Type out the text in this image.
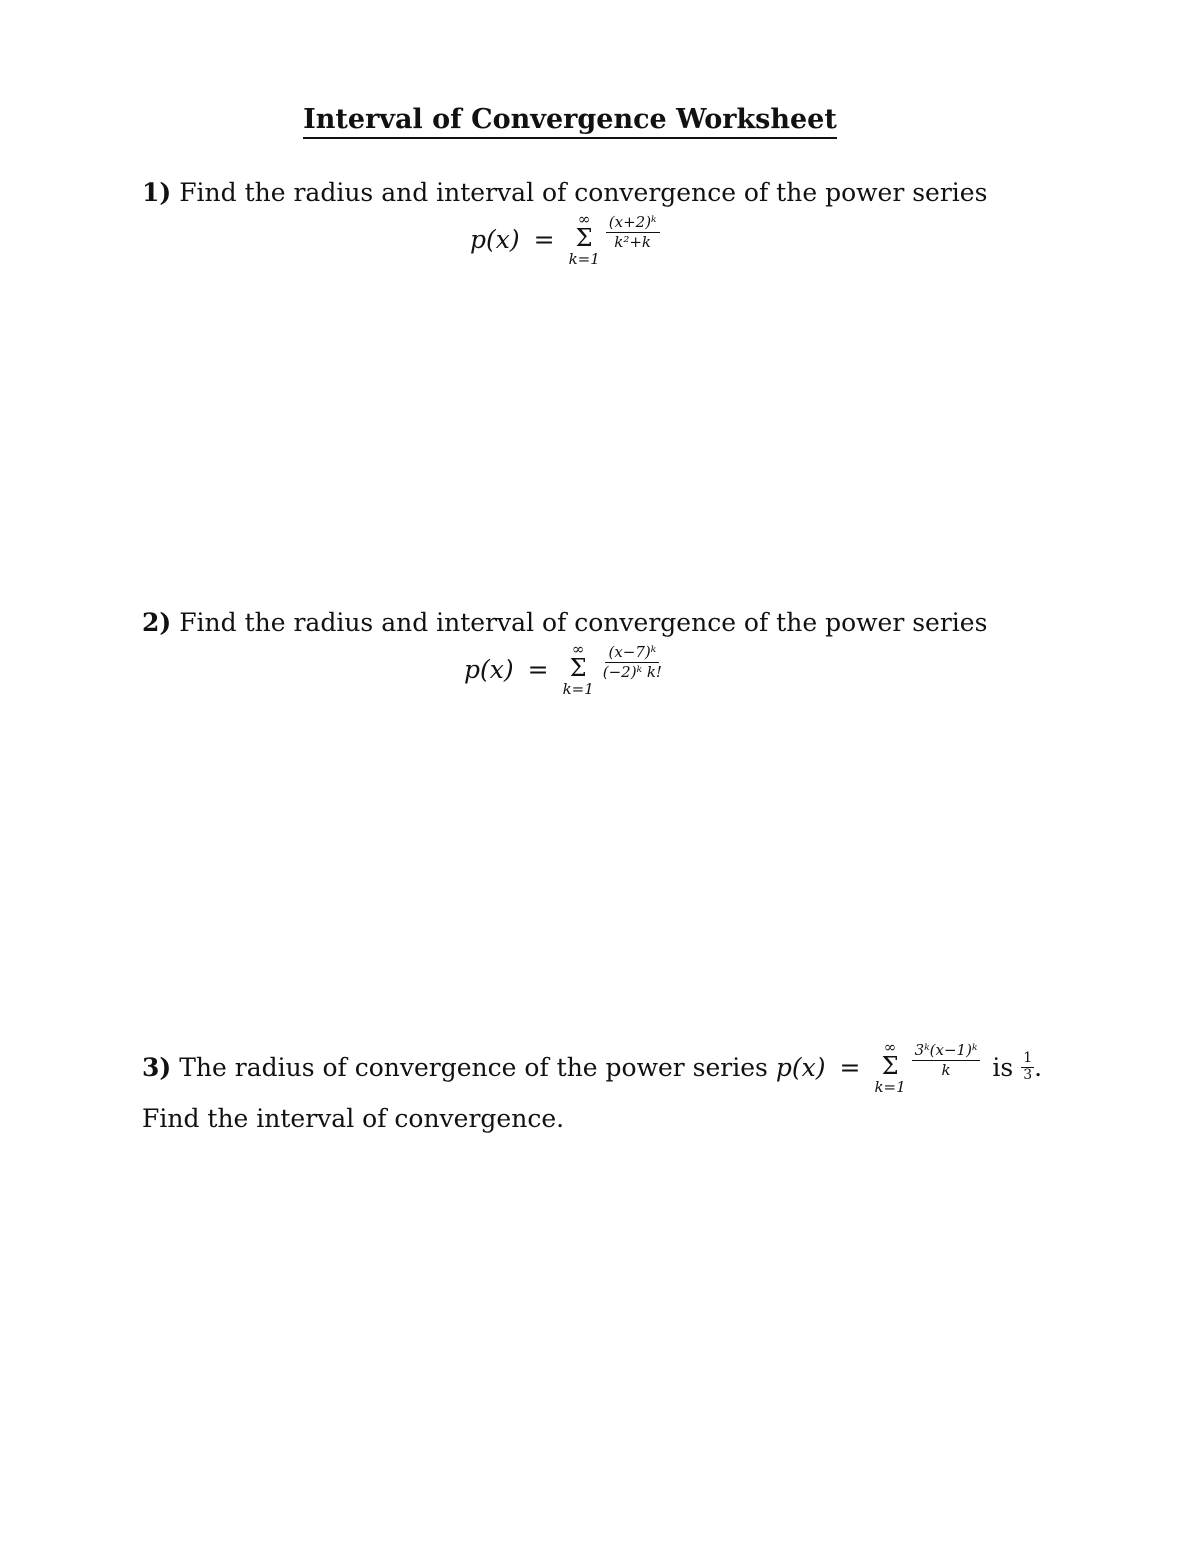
Interval of Convergence Worksheet
1) Find the radius and interval of convergence of the power series
p(x) =
∞
Σ
k=1
$\frac{\text{(x+2)ᵏ}}{\text{k²+k}}$
2) Find the radius and interval of convergence of the power series
p(x) =
∞
Σ
k=1
$\frac{\text{(x−7)ᵏ}}{\text{(−2)ᵏ k!}}$
3) The radius of convergence of the power series p(x) =
∞
Σ
k=1
$\frac{\text{3ᵏ(x−1)ᵏ}}{k}$ is $\frac{1}{3}$ .
Find the interval of convergence.
